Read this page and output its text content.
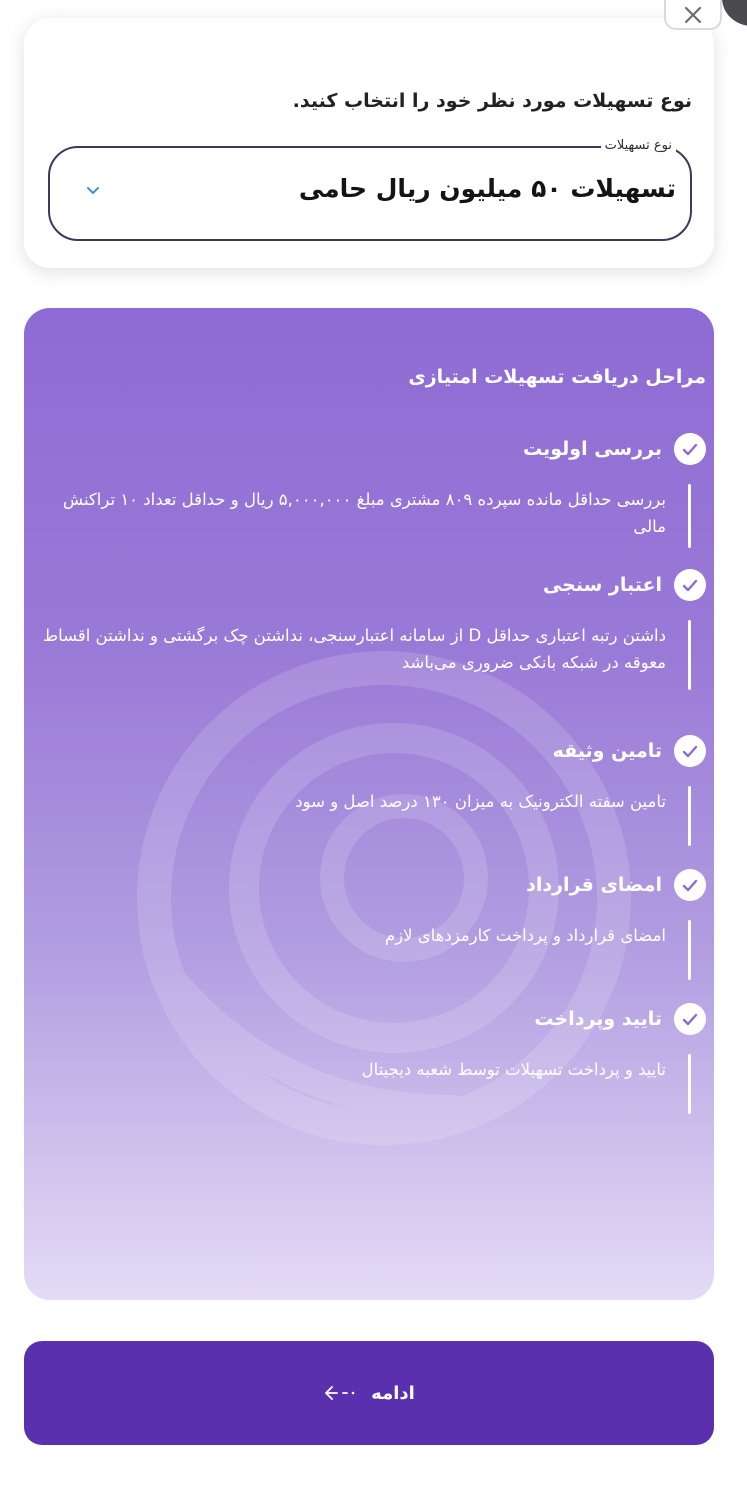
نوع تسهیلات مورد نظر خود را انتخاب کنید.
نوع تسهیلات
تسهیلات ۵۰ میلیون ریال حامی
مراحل دریافت تسهیلات امتیازی
بررسی اولویت
بررسی حداقل مانده سپرده ۸۰۹ مشتری مبلغ ۵,۰۰۰,۰۰۰ ریال و حداقل تعداد ۱۰ تراکنش مالی
اعتبار سنجی
داشتن رتبه اعتباری حداقل D از سامانه اعتبارسنجی، نداشتن چک برگشتی و نداشتن اقساط معوقه در شبکه بانکی ضروری می‌باشد
تامین وثیقه
تامین سفته الکترونیک به میزان ۱۳۰ درصد اصل و سود
امضای قرارداد
امضای قرارداد و پرداخت کارمزدهای لازم
تایید وپرداخت
تایید و پرداخت تسهیلات توسط شعبه دیجیتال
ادامه
